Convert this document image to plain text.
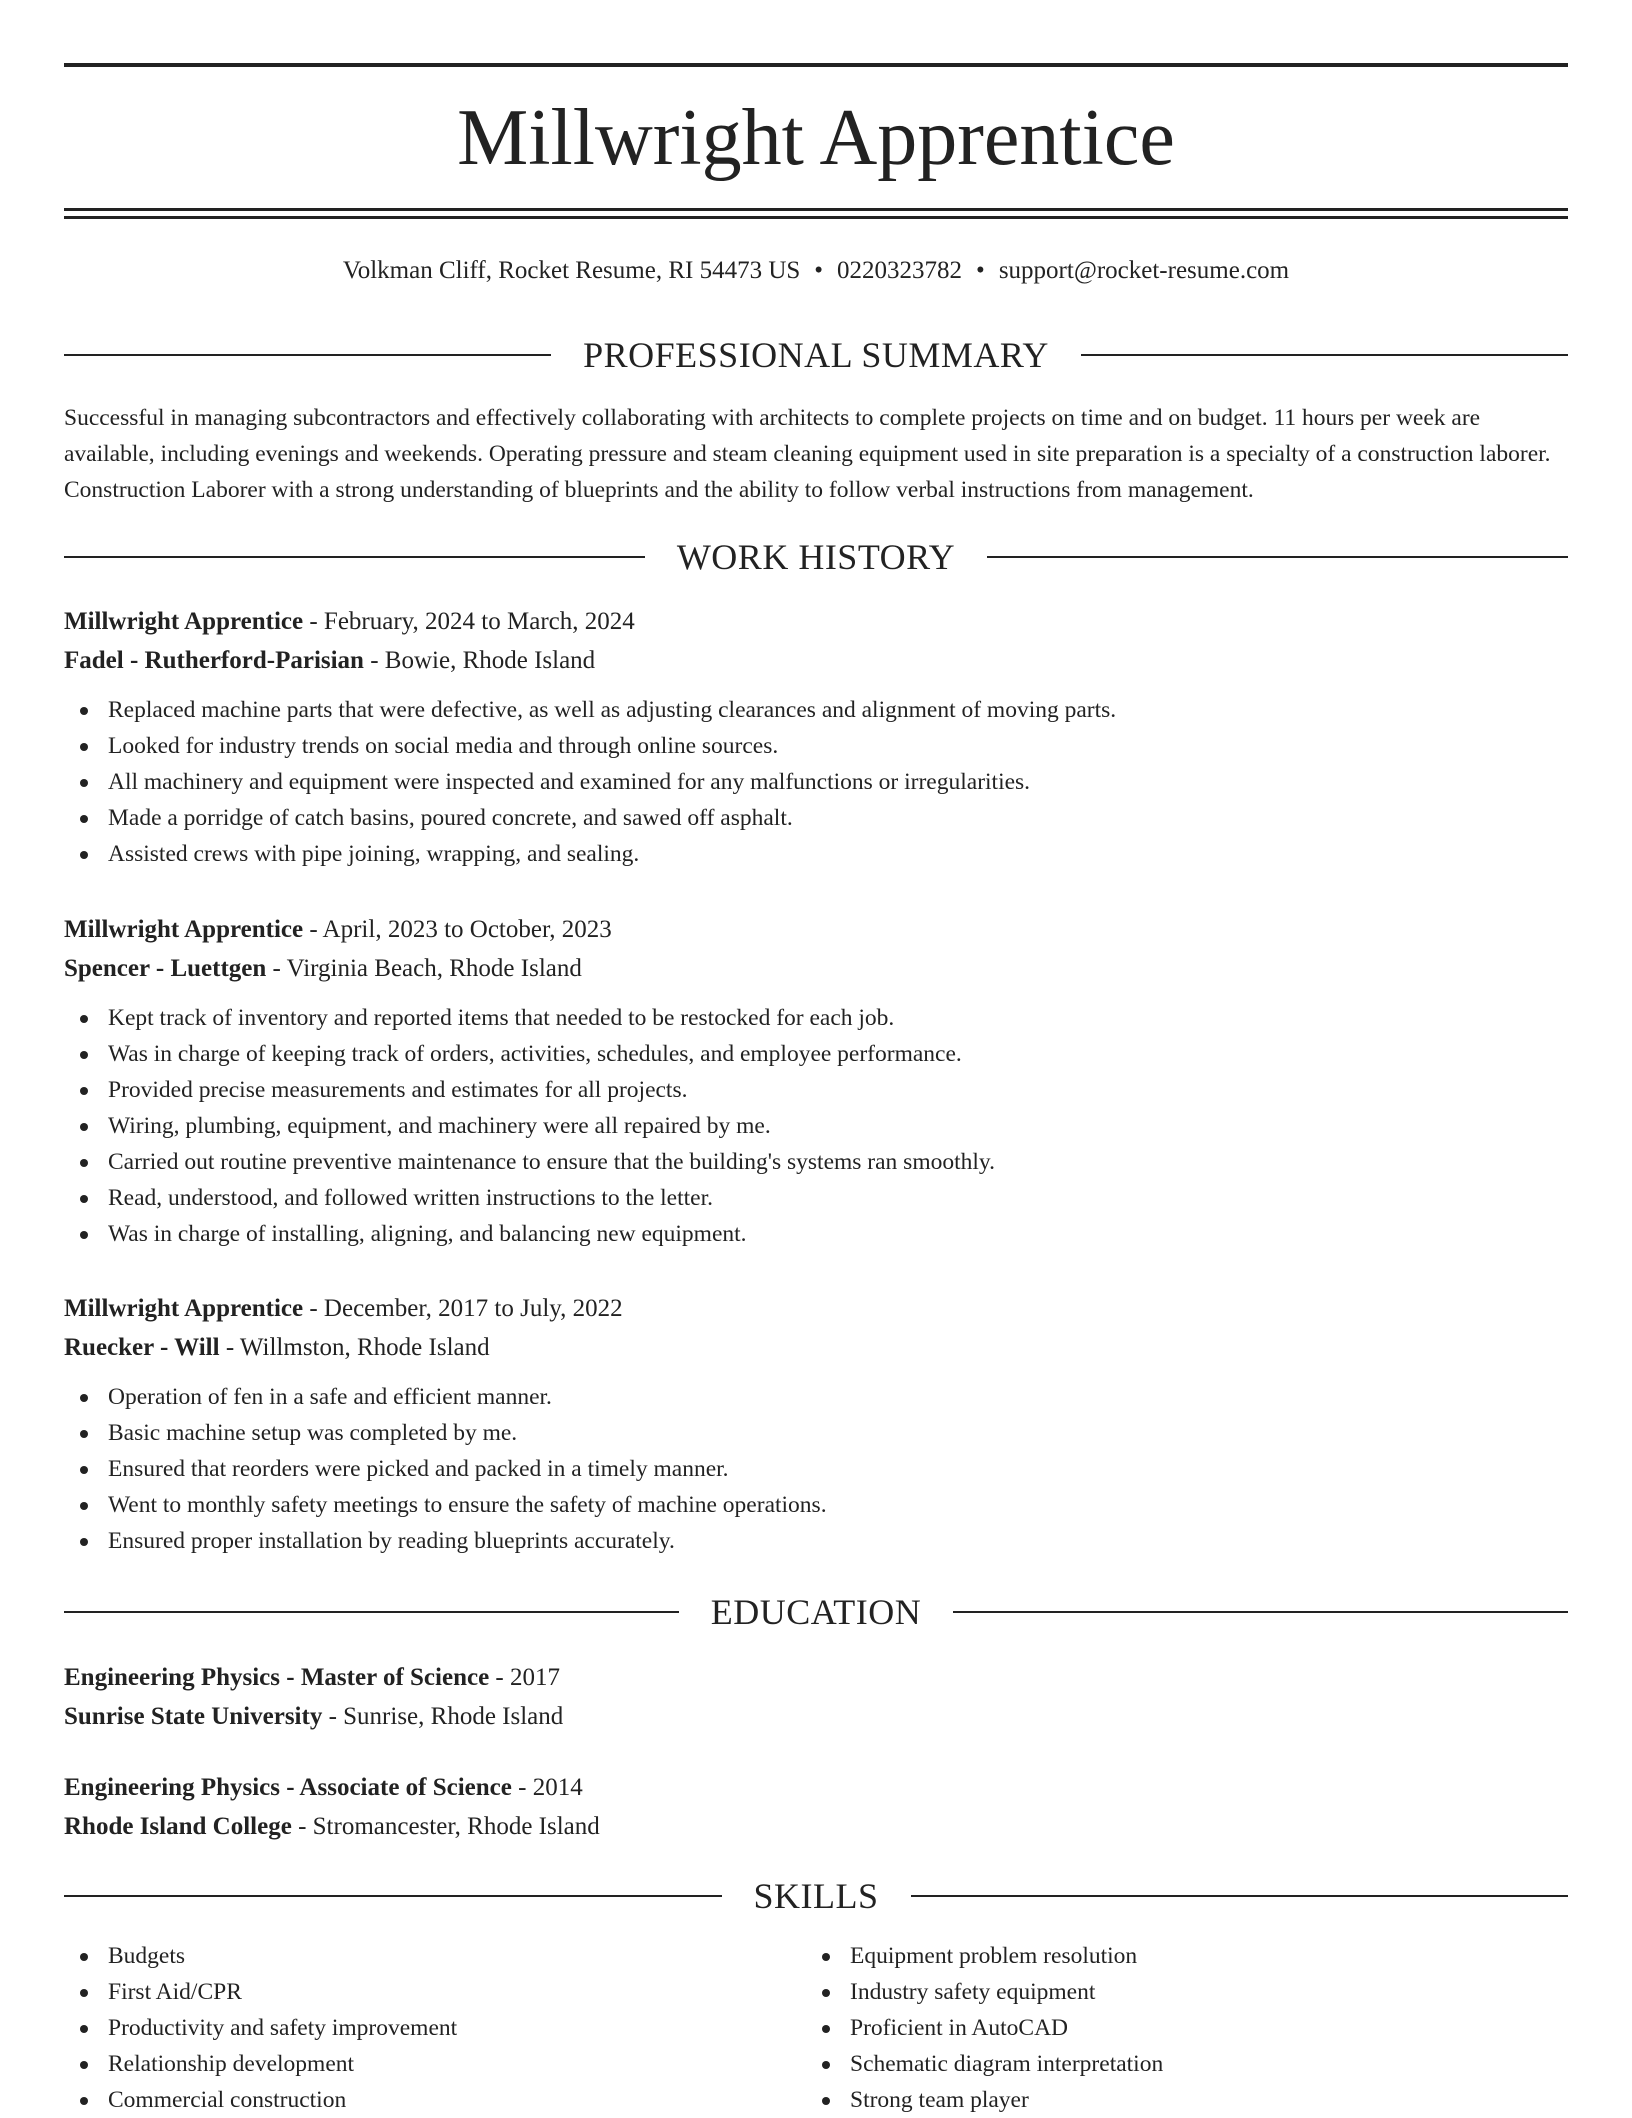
Millwright Apprentice
Volkman Cliff, Rocket Resume, RI 54473 US • 0220323782 • support@rocket-resume.com
PROFESSIONAL SUMMARY
Successful in managing subcontractors and effectively collaborating with architects to complete projects on time and on budget. 11 hours per week are available, including evenings and weekends. Operating pressure and steam cleaning equipment used in site preparation is a specialty of a construction laborer. Construction Laborer with a strong understanding of blueprints and the ability to follow verbal instructions from management.
WORK HISTORY
Millwright Apprentice - February, 2024 to March, 2024
Fadel - Rutherford-Parisian - Bowie, Rhode Island
Replaced machine parts that were defective, as well as adjusting clearances and alignment of moving parts.
Looked for industry trends on social media and through online sources.
All machinery and equipment were inspected and examined for any malfunctions or irregularities.
Made a porridge of catch basins, poured concrete, and sawed off asphalt.
Assisted crews with pipe joining, wrapping, and sealing.
Millwright Apprentice - April, 2023 to October, 2023
Spencer - Luettgen - Virginia Beach, Rhode Island
Kept track of inventory and reported items that needed to be restocked for each job.
Was in charge of keeping track of orders, activities, schedules, and employee performance.
Provided precise measurements and estimates for all projects.
Wiring, plumbing, equipment, and machinery were all repaired by me.
Carried out routine preventive maintenance to ensure that the building's systems ran smoothly.
Read, understood, and followed written instructions to the letter.
Was in charge of installing, aligning, and balancing new equipment.
Millwright Apprentice - December, 2017 to July, 2022
Ruecker - Will - Willmston, Rhode Island
Operation of fen in a safe and efficient manner.
Basic machine setup was completed by me.
Ensured that reorders were picked and packed in a timely manner.
Went to monthly safety meetings to ensure the safety of machine operations.
Ensured proper installation by reading blueprints accurately.
EDUCATION
Engineering Physics - Master of Science - 2017
Sunrise State University - Sunrise, Rhode Island
Engineering Physics - Associate of Science - 2014
Rhode Island College - Stromancester, Rhode Island
SKILLS
Budgets
First Aid/CPR
Productivity and safety improvement
Relationship development
Commercial construction
Equipment problem resolution
Industry safety equipment
Proficient in AutoCAD
Schematic diagram interpretation
Strong team player
